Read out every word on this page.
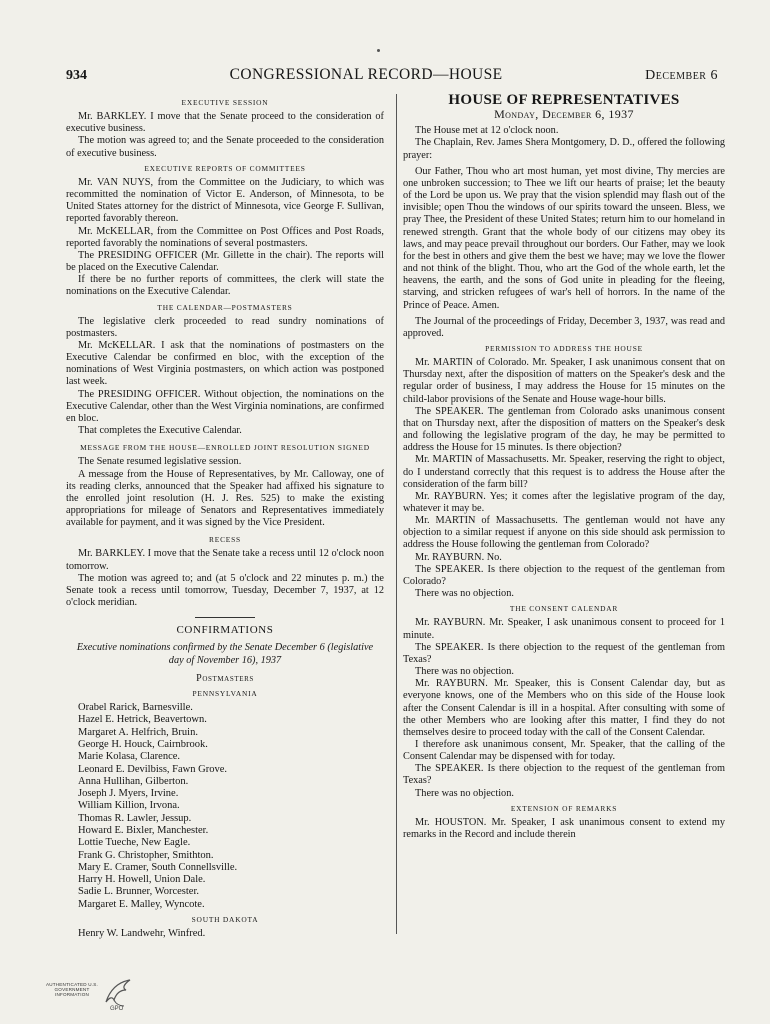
934	CONGRESSIONAL RECORD—HOUSE	December 6
EXECUTIVE SESSION

Mr. BARKLEY. I move that the Senate proceed to the consideration of executive business.

The motion was agreed to; and the Senate proceeded to the consideration of executive business.

EXECUTIVE REPORTS OF COMMITTEES

Mr. VAN NUYS, from the Committee on the Judiciary, to which was recommitted the nomination of Victor E. Anderson, of Minnesota, to be United States attorney for the district of Minnesota, vice George F. Sullivan, reported favorably thereon.

Mr. McKELLAR, from the Committee on Post Offices and Post Roads, reported favorably the nominations of several postmasters.

The PRESIDING OFFICER (Mr. Gillette in the chair). The reports will be placed on the Executive Calendar.

If there be no further reports of committees, the clerk will state the nominations on the Executive Calendar.

THE CALENDAR—POSTMASTERS

The legislative clerk proceeded to read sundry nominations of postmasters.

Mr. McKELLAR. I ask that the nominations of postmasters on the Executive Calendar be confirmed en bloc, with the exception of the nominations of West Virginia postmasters, on which action was postponed last week.

The PRESIDING OFFICER. Without objection, the nominations on the Executive Calendar, other than the West Virginia nominations, are confirmed en bloc.

That completes the Executive Calendar.

MESSAGE FROM THE HOUSE—ENROLLED JOINT RESOLUTION SIGNED

The Senate resumed legislative session.

A message from the House of Representatives, by Mr. Calloway, one of its reading clerks, announced that the Speaker had affixed his signature to the enrolled joint resolution (H. J. Res. 525) to make the existing appropriations for mileage of Senators and Representatives immediately available for payment, and it was signed by the Vice President.

RECESS

Mr. BARKLEY. I move that the Senate take a recess until 12 o'clock noon tomorrow.

The motion was agreed to; and (at 5 o'clock and 22 minutes p. m.) the Senate took a recess until tomorrow, Tuesday, December 7, 1937, at 12 o'clock meridian.

CONFIRMATIONS
Executive nominations confirmed by the Senate December 6 (legislative day of November 16), 1937
Postmasters
PENNSYLVANIA
Orabel Rarick, Barnesville.
Hazel E. Hetrick, Beavertown.
Margaret A. Helfrich, Bruin.
George H. Houck, Cairnbrook.
Marie Kolasa, Clarence.
Leonard E. Devilbiss, Fawn Grove.
Anna Hullihan, Gilberton.
Joseph J. Myers, Irvine.
William Killion, Irvona.
Thomas R. Lawler, Jessup.
Howard E. Bixler, Manchester.
Lottie Tueche, New Eagle.
Frank G. Christopher, Smithton.
Mary E. Cramer, South Connellsville.
Harry H. Howell, Union Dale.
Sadie L. Brunner, Worcester.
Margaret E. Malley, Wyncote.
SOUTH DAKOTA
Henry W. Landwehr, Winfred.
HOUSE OF REPRESENTATIVES
Monday, December 6, 1937

The House met at 12 o'clock noon.

The Chaplain, Rev. James Shera Montgomery, D. D., offered the following prayer:

Our Father, Thou who art most human, yet most divine, Thy mercies are one unbroken succession; to Thee we lift our hearts of praise; let the beauty of the Lord be upon us. We pray that the vision splendid may flash out of the invisible; open Thou the windows of our spirits toward the unseen. Bless, we pray Thee, the President of these United States; return him to our homeland in renewed strength. Grant that the whole body of our citizens may obey its laws, and may peace prevail throughout our borders. Our Father, may we look for the best in others and give them the best we have; may we love the flower and not think of the blight. Thou, who art the God of the whole earth, let the heavens, the earth, and the sons of God unite in pleading for the fleeing, starving, and stricken refugees of war's hell of horrors. In the name of the Prince of Peace. Amen.

The Journal of the proceedings of Friday, December 3, 1937, was read and approved.

PERMISSION TO ADDRESS THE HOUSE

Mr. MARTIN of Colorado. Mr. Speaker, I ask unanimous consent that on Thursday next, after the disposition of matters on the Speaker's desk and the regular order of business, I may address the House for 15 minutes on the child-labor provisions of the Senate and House wage-hour bills.

The SPEAKER. The gentleman from Colorado asks unanimous consent that on Thursday next, after the disposition of matters on the Speaker's desk and following the legislative program of the day, he may be permitted to address the House for 15 minutes. Is there objection?

Mr. MARTIN of Massachusetts. Mr. Speaker, reserving the right to object, do I understand correctly that this request is to address the House after the consideration of the farm bill?

Mr. RAYBURN. Yes; it comes after the legislative program of the day, whatever it may be.

Mr. MARTIN of Massachusetts. The gentleman would not have any objection to a similar request if anyone on this side should ask permission to address the House following the gentleman from Colorado?

Mr. RAYBURN. No.

The SPEAKER. Is there objection to the request of the gentleman from Colorado?

There was no objection.

THE CONSENT CALENDAR

Mr. RAYBURN. Mr. Speaker, I ask unanimous consent to proceed for 1 minute.

The SPEAKER. Is there objection to the request of the gentleman from Texas?

There was no objection.

Mr. RAYBURN. Mr. Speaker, this is Consent Calendar day, but as everyone knows, one of the Members who on this side of the House look after the Consent Calendar is ill in a hospital. After consulting with some of the other Members who are looking after this matter, I find they do not themselves desire to proceed today with the call of the Consent Calendar.

I therefore ask unanimous consent, Mr. Speaker, that the calling of the Consent Calendar may be dispensed with for today.

The SPEAKER. Is there objection to the request of the gentleman from Texas?

There was no objection.

EXTENSION OF REMARKS

Mr. HOUSTON. Mr. Speaker, I ask unanimous consent to extend my remarks in the Record and include therein

AUTHENTICATED U.S. GOVERNMENT INFORMATION
GPO
